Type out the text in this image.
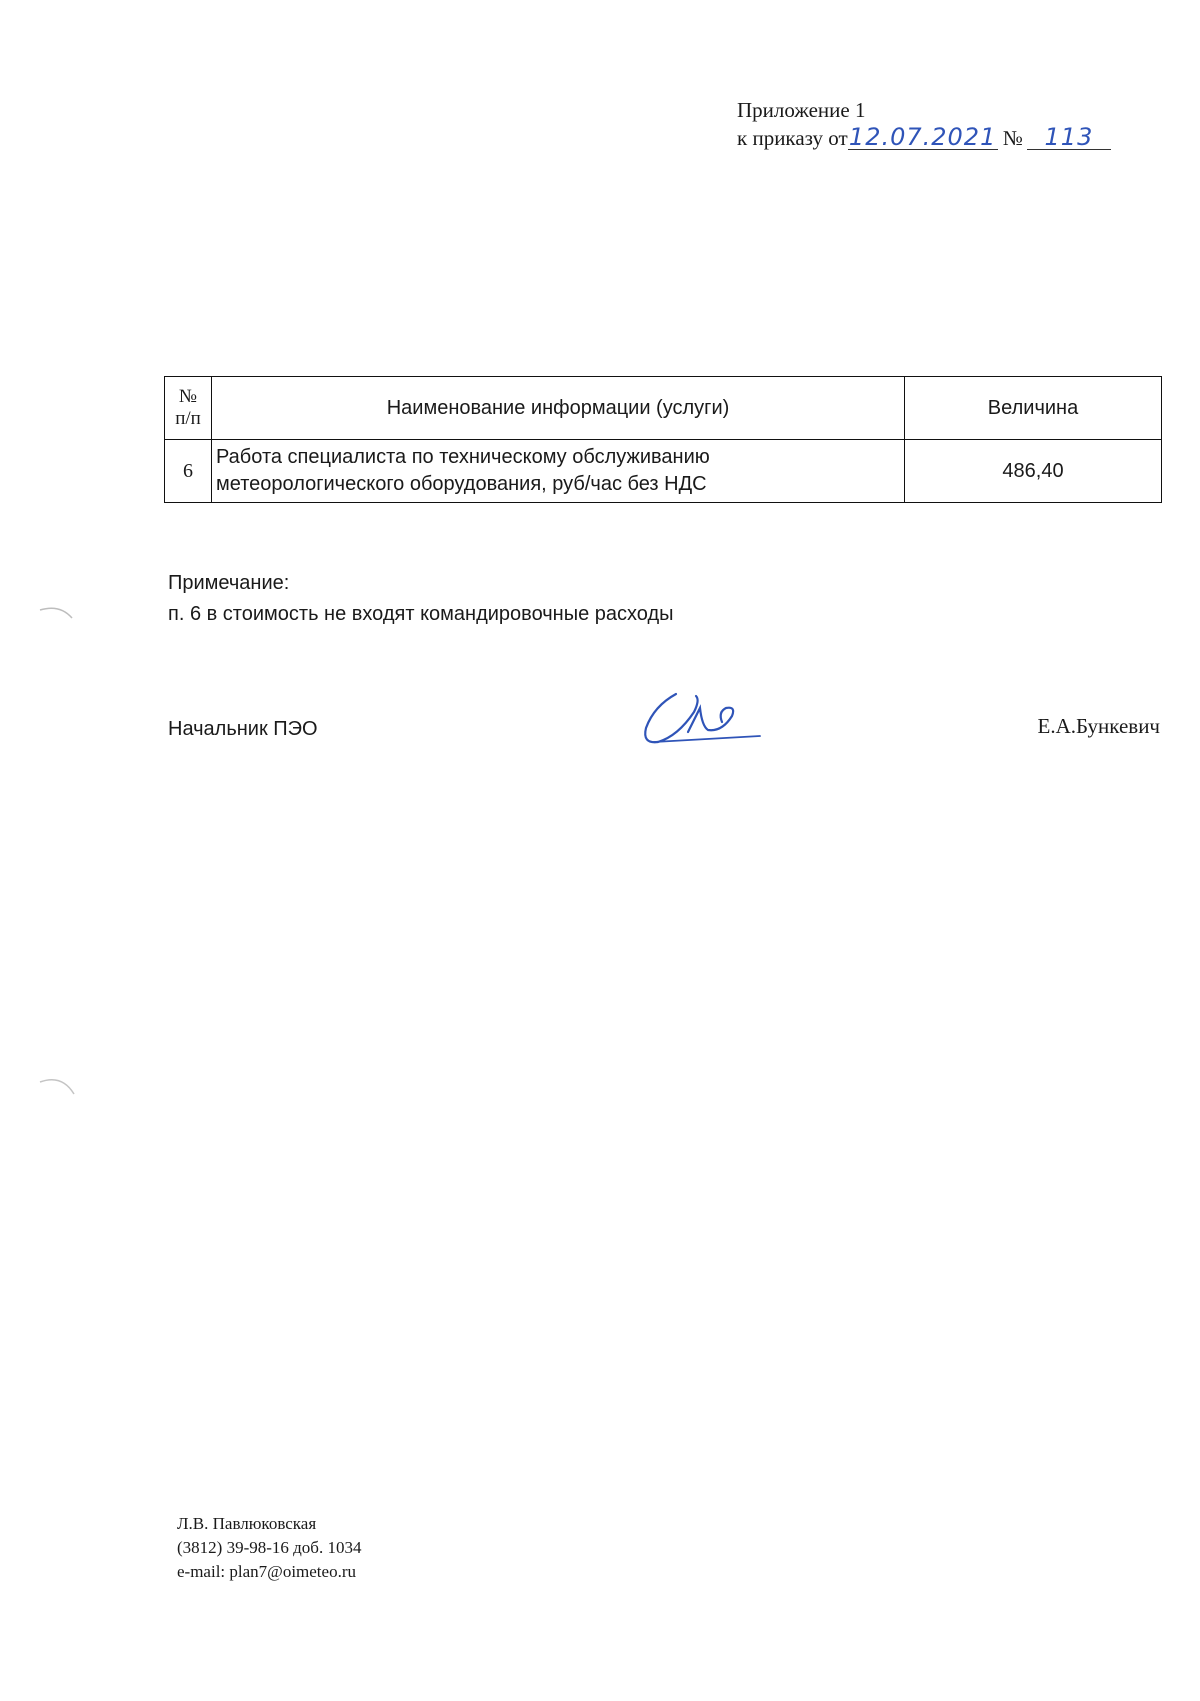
Приложение 1
к приказу от12.07.2021 № 113
№
п/п	Наименование информации (услуги)	Величина
6	Работа специалиста по техническому обслуживанию
метеорологического оборудования, руб/час без НДС	486,40
Примечание:
п. 6 в стоимость не входят командировочные расходы
Начальник ПЭО	Е.А.Бункевич
Л.В. Павлюковская
(3812) 39-98-16 доб. 1034
e-mail: plan7@oimeteo.ru
